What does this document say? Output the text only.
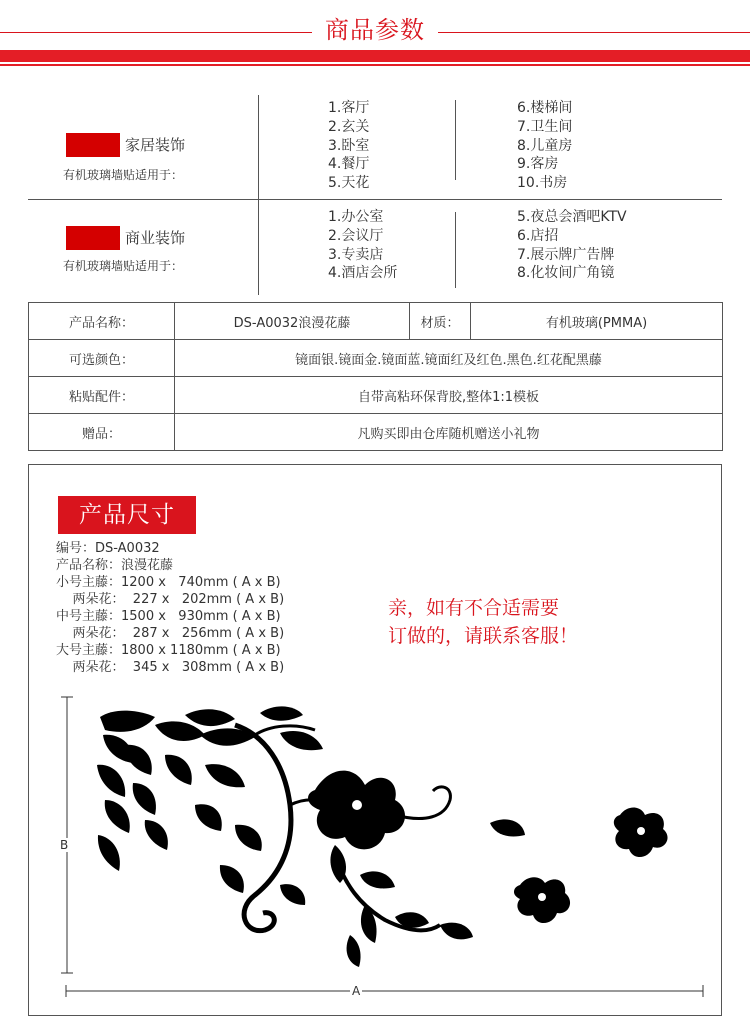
商品参数
家居装饰
有机玻璃墙贴适用于：
1.客厅
2.玄关
3.卧室
4.餐厅
5.天花
6.楼梯间
7.卫生间
8.儿童房
9.客房
10.书房
商业装饰
有机玻璃墙贴适用于：
1.办公室
2.会议厅
3.专卖店
4.酒店会所
5.夜总会酒吧KTV
6.店招
7.展示牌广告牌
8.化妆间广角镜
产品名称：	DS-A0032浪漫花藤	材质：	有机玻璃(PMMA)
可选颜色：	镜面银.镜面金.镜面蓝.镜面红及红色.黑色.红花配黑藤		
粘贴配件：	自带高粘环保背胶,整体1:1模板		
赠品：	凡购买即由仓库随机赠送小礼物		
产品尺寸
编号：DS-A0032
产品名称：浪漫花藤
小号主藤：1200 x   740mm ( A x B)
两朵花：  227 x   202mm ( A x B)
中号主藤：1500 x   930mm ( A x B)
两朵花：  287 x   256mm ( A x B)
大号主藤：1800 x 1180mm ( A x B)
两朵花：  345 x   308mm ( A x B)
亲，如有不合适需要
订做的，请联系客服！
B
A
